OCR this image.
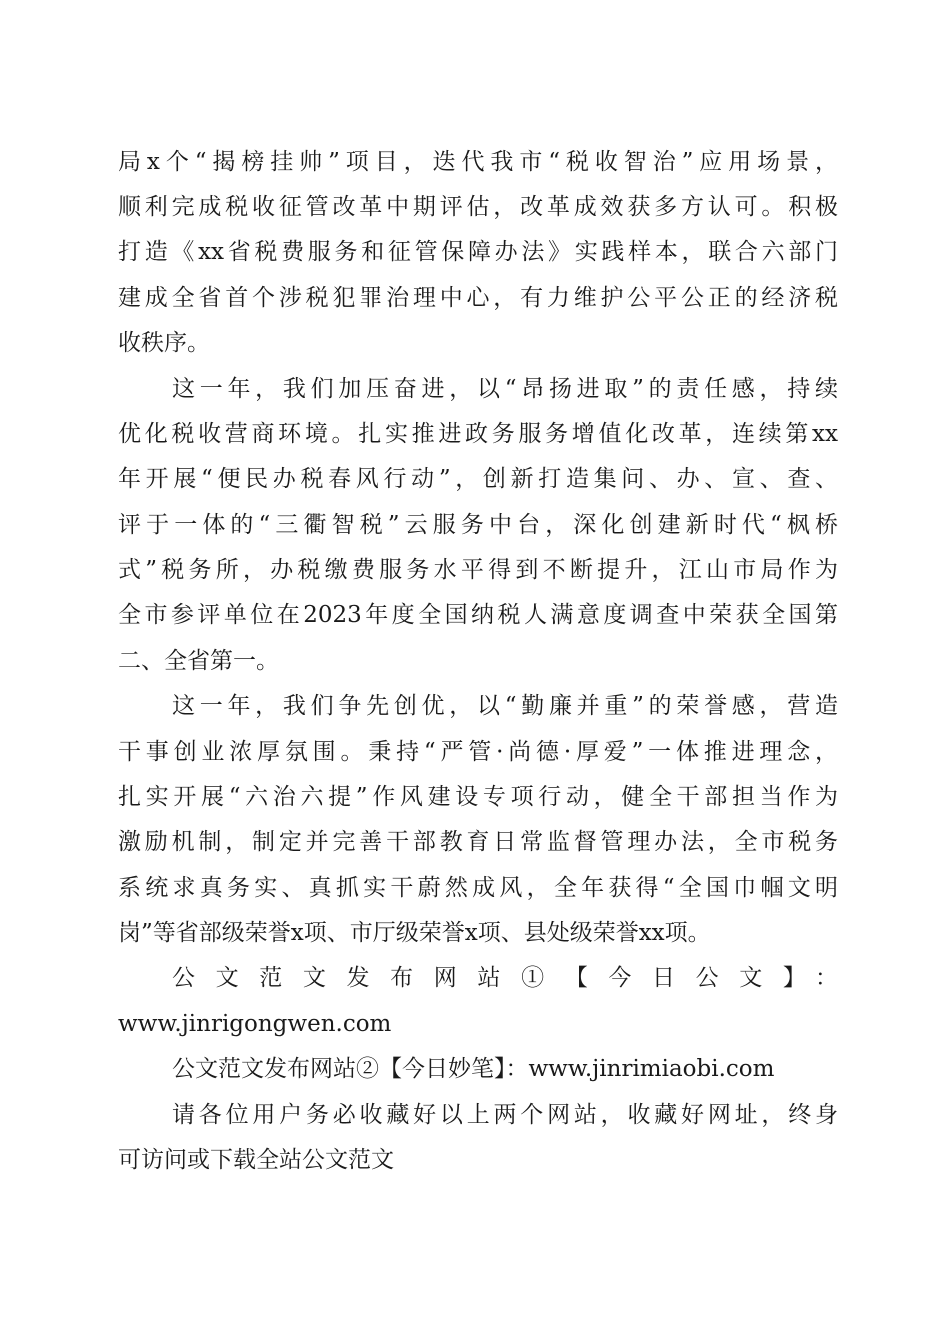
局x个“揭榜挂帅”项目，迭代我市“税收智治”应用场景，
顺利完成税收征管改革中期评估，改革成效获多方认可。积极
打造《xx省税费服务和征管保障办法》实践样本，联合六部门
建成全省首个涉税犯罪治理中心，有力维护公平公正的经济税
收秩序。
这一年，我们加压奋进，以“昂扬进取”的责任感，持续
优化税收营商环境。扎实推进政务服务增值化改革，连续第xx
年开展“便民办税春风行动”，创新打造集问、办、宣、查、
评于一体的“三衢智税”云服务中台，深化创建新时代“枫桥
式”税务所，办税缴费服务水平得到不断提升，江山市局作为
全市参评单位在2023年度全国纳税人满意度调查中荣获全国第
二、全省第一。
这一年，我们争先创优，以“勤廉并重”的荣誉感，营造
干事创业浓厚氛围。秉持“严管·尚德·厚爱”一体推进理念，
扎实开展“六治六提”作风建设专项行动，健全干部担当作为
激励机制，制定并完善干部教育日常监督管理办法，全市税务
系统求真务实、真抓实干蔚然成风，全年获得“全国巾帼文明
岗”等省部级荣誉x项、市厅级荣誉x项、县处级荣誉xx项。
公文范文发布网站①【今日公文】：
www.jinrigongwen.com
公文范文发布网站②【今日妙笔】：www.jinrimiaobi.com
请各位用户务必收藏好以上两个网站，收藏好网址，终身
可访问或下载全站公文范文
